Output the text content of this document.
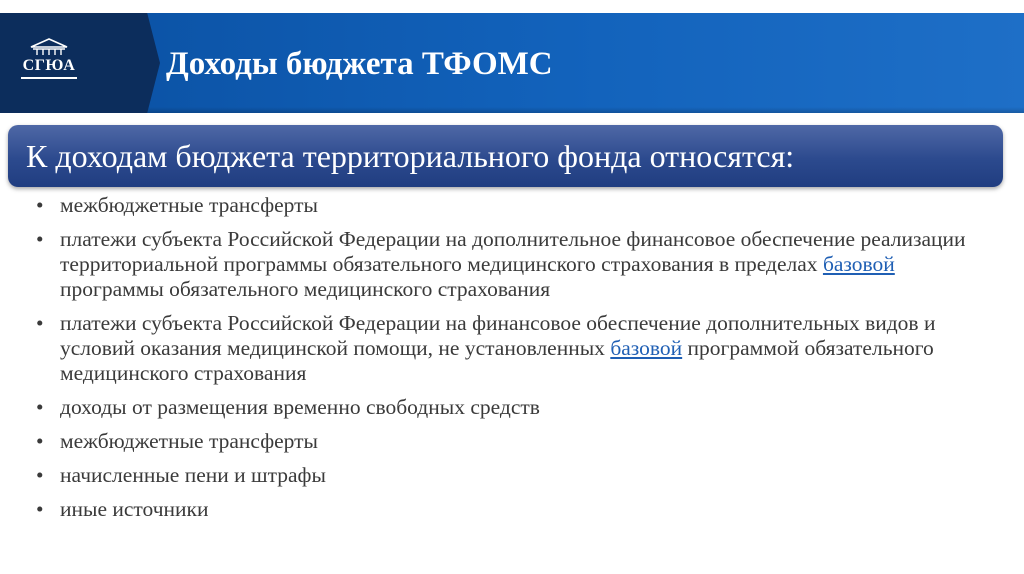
СГЮА	Доходы бюджета ТФОМС

К доходам бюджета территориального фонда относятся:

• межбюджетные трансферты
• платежи субъекта Российской Федерации на дополнительное финансовое обеспечение реализации территориальной программы обязательного медицинского страхования в пределах базовой программы обязательного медицинского страхования
• платежи субъекта Российской Федерации на финансовое обеспечение дополнительных видов и условий оказания медицинской помощи, не установленных базовой программой обязательного медицинского страхования
• доходы от размещения временно свободных средств
• межбюджетные трансферты
• начисленные пени и штрафы
• иные источники
